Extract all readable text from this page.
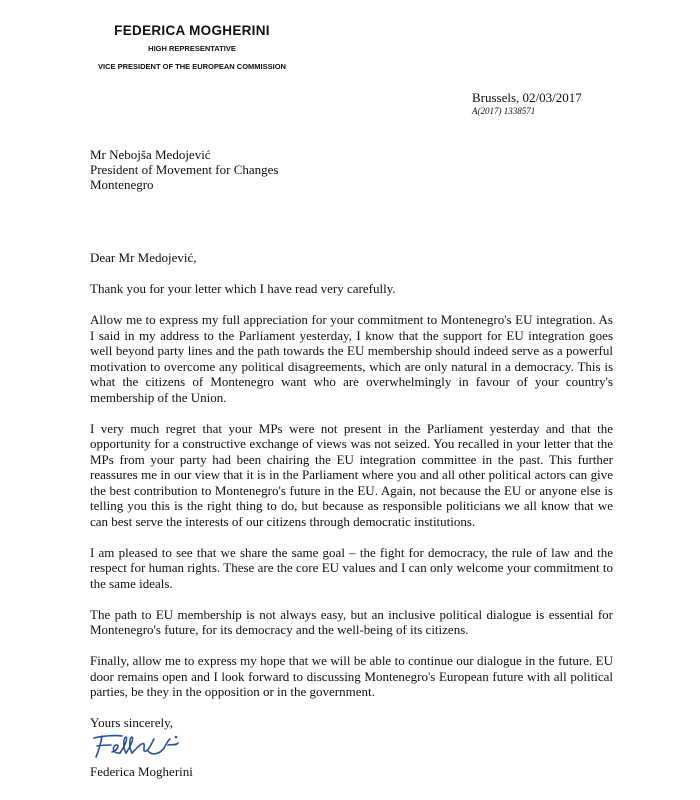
FEDERICA MOGHERINI
HIGH REPRESENTATIVE
VICE PRESIDENT OF THE EUROPEAN COMMISSION
Brussels, 02/03/2017
A(2017) 1338571
Mr Nebojša Medojević
President of Movement for Changes
Montenegro

Dear Mr Medojević,

Thank you for your letter which I have read very carefully.

Allow me to express my full appreciation for your commitment to Montenegro's EU integration. As I said in my address to the Parliament yesterday, I know that the support for EU integration goes well beyond party lines and the path towards the EU membership should indeed serve as a powerful motivation to overcome any political disagreements, which are only natural in a democracy. This is what the citizens of Montenegro want who are overwhelmingly in favour of your country's membership of the Union.

I very much regret that your MPs were not present in the Parliament yesterday and that the opportunity for a constructive exchange of views was not seized. You recalled in your letter that the MPs from your party had been chairing the EU integration committee in the past. This further reassures me in our view that it is in the Parliament where you and all other political actors can give the best contribution to Montenegro's future in the EU. Again, not because the EU or anyone else is telling you this is the right thing to do, but because as responsible politicians we all know that we can best serve the interests of our citizens through democratic institutions.

I am pleased to see that we share the same goal – the fight for democracy, the rule of law and the respect for human rights. These are the core EU values and I can only welcome your commitment to the same ideals.

The path to EU membership is not always easy, but an inclusive political dialogue is essential for Montenegro's future, for its democracy and the well-being of its citizens.

Finally, allow me to express my hope that we will be able to continue our dialogue in the future. EU door remains open and I look forward to discussing Montenegro's European future with all political parties, be they in the opposition or in the government.

Yours sincerely,

Federica Mogherini
